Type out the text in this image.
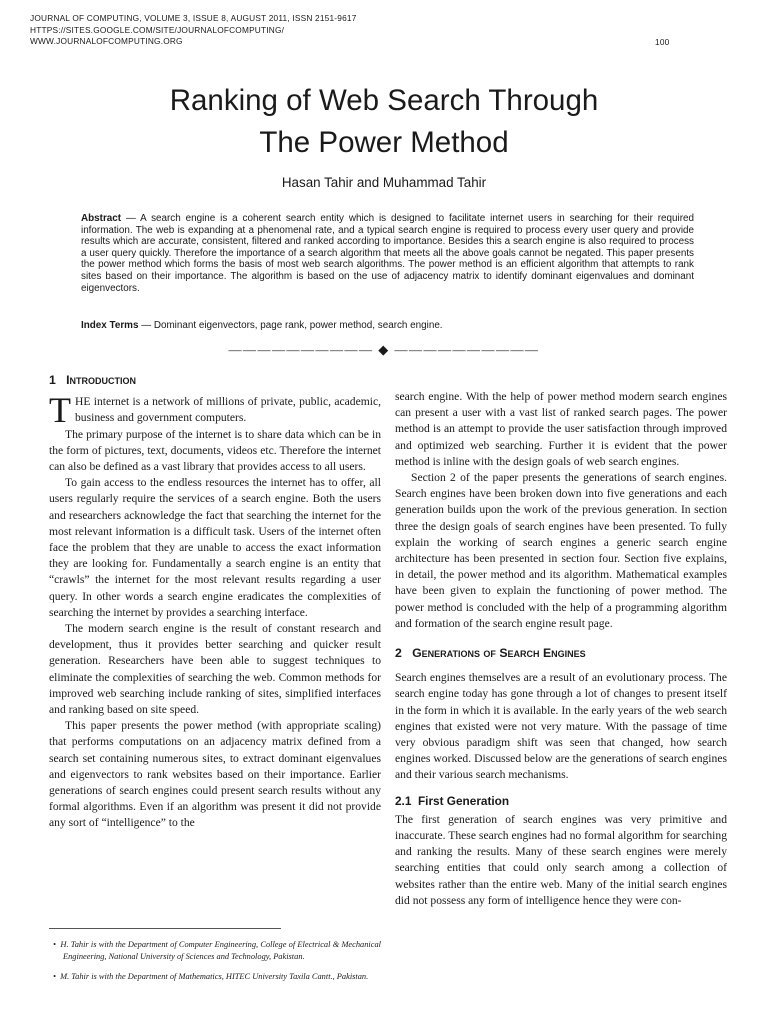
JOURNAL OF COMPUTING, VOLUME 3, ISSUE 8, AUGUST 2011, ISSN 2151-9617
HTTPS://SITES.GOOGLE.COM/SITE/JOURNALOFCOMPUTING/
WWW.JOURNALOFCOMPUTING.ORG	100
Ranking of Web Search Through
The Power Method
Hasan Tahir and Muhammad Tahir
Abstract — A search engine is a coherent search entity which is designed to facilitate internet users in searching for their required information. The web is expanding at a phenomenal rate, and a typical search engine is required to process every user query and provide results which are accurate, consistent, filtered and ranked according to importance. Besides this a search engine is also required to process a user query quickly. Therefore the importance of a search algorithm that meets all the above goals cannot be negated. This paper presents the power method which forms the basis of most web search algorithms. The power method is an efficient algorithm that attempts to rank sites based on their importance. The algorithm is based on the use of adjacency matrix to identify dominant eigenvalues and dominant eigenvectors.
Index Terms — Dominant eigenvectors, page rank, power method, search engine.
—————————— ◆ ——————————
1 Introduction

THE internet is a network of millions of private, public, academic, business and government computers.

The primary purpose of the internet is to share data which can be in the form of pictures, text, documents, videos etc. Therefore the internet can also be defined as a vast library that provides access to all users.

To gain access to the endless resources the internet has to offer, all users regularly require the services of a search engine. Both the users and researchers acknowledge the fact that searching the internet for the most relevant information is a difficult task. Users of the internet often face the problem that they are unable to access the exact information they are looking for. Fundamentally a search engine is an entity that “crawls” the internet for the most relevant results regarding a user query. In other words a search engine eradicates the complexities of searching the internet by provides a searching interface.

The modern search engine is the result of constant research and development, thus it provides better searching and quicker result generation. Researchers have been able to suggest techniques to eliminate the complexities of searching the web. Common methods for improved web searching include ranking of sites, simplified interfaces and ranking based on site speed.

This paper presents the power method (with appropriate scaling) that performs computations on an adjacency matrix defined from a search set containing numerous sites, to extract dominant eigenvalues and eigenvectors to rank websites based on their importance. Earlier generations of search engines could present search results without any formal algorithms. Even if an algorithm was present it did not provide any sort of “intelligence” to the

search engine. With the help of power method modern search engines can present a user with a vast list of ranked search pages. The power method is an attempt to provide the user satisfaction through improved and optimized web searching. Further it is evident that the power method is inline with the design goals of web search engines.

Section 2 of the paper presents the generations of search engines. Search engines have been broken down into five generations and each generation builds upon the work of the previous generation. In section three the design goals of search engines have been presented. To fully explain the working of search engines a generic search engine architecture has been presented in section four. Section five explains, in detail, the power method and its algorithm. Mathematical examples have been given to explain the functioning of power method. The power method is concluded with the help of a programming algorithm and formation of the search engine result page.

2 Generations of Search Engines

Search engines themselves are a result of an evolutionary process. The search engine today has gone through a lot of changes to present itself in the form in which it is available. In the early years of the web search engines that existed were not very mature. With the passage of time very obvious paradigm shift was seen that changed, how search engines worked. Discussed below are the generations of search engines and their various search mechanisms.

2.1 First Generation

The first generation of search engines was very primitive and inaccurate. These search engines had no formal algorithm for searching and ranking the results. Many of these search engines were merely searching entities that could only search among a collection of websites rather than the entire web. Many of the initial search engines did not possess any form of intelligence hence they were con-

•  H. Tahir is with the Department of Computer Engineering, College of Electrical & Mechanical Engineering, National University of Sciences and Technology, Pakistan.

•  M. Tahir is with the Department of Mathematics, HITEC University Taxila Cantt., Pakistan.
